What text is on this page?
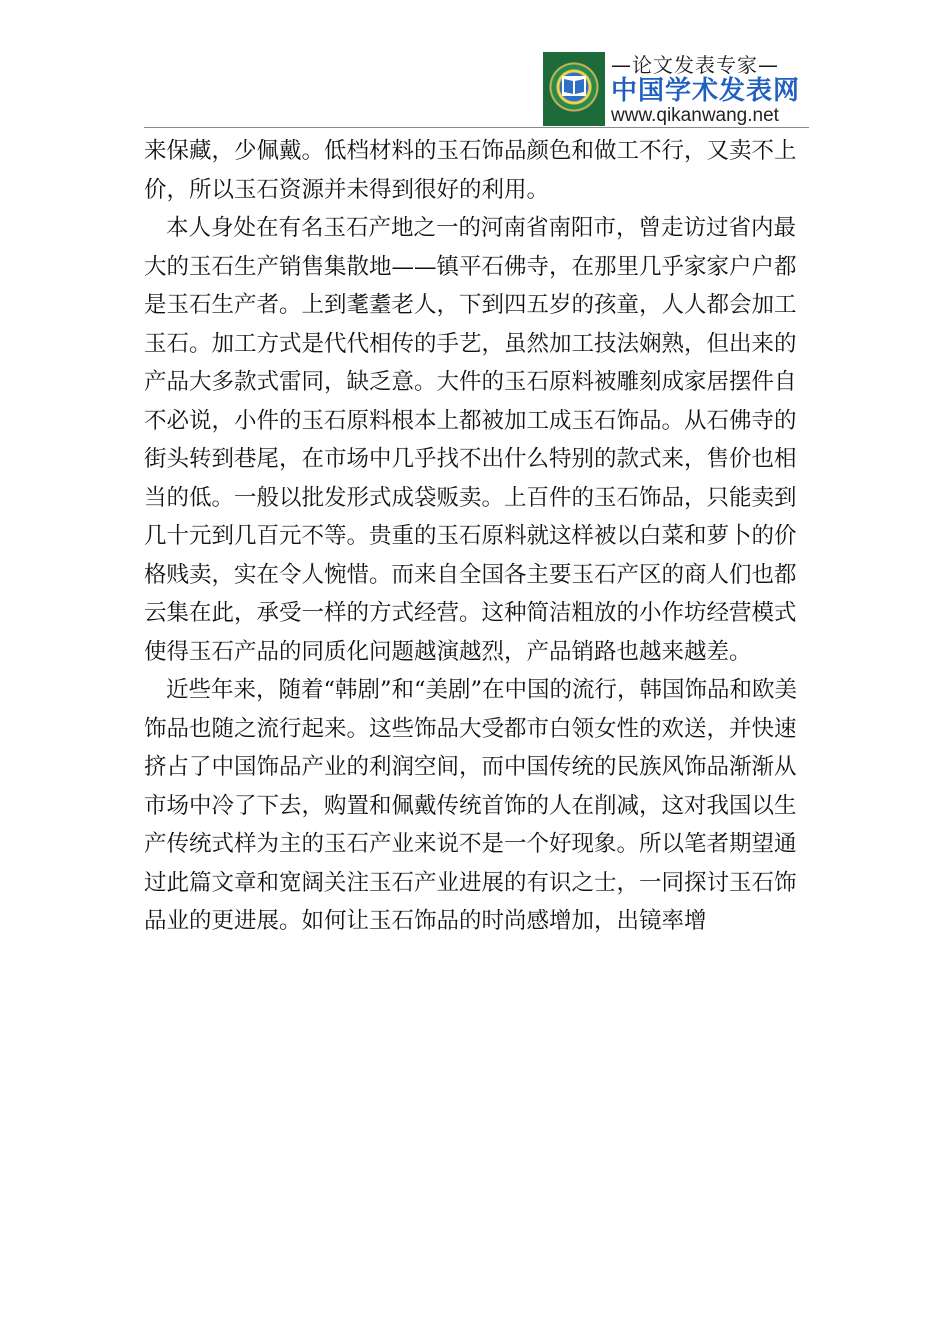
—论文发表专家—
中国学术发表网
www.qikanwang.net

来保藏，少佩戴。低档材料的玉石饰品颜色和做工不行，又卖不上价，所以玉石资源并未得到很好的利用。

本人身处在有名玉石产地之一的河南省南阳市，曾走访过省内最大的玉石生产销售集散地——镇平石佛寺，在那里几乎家家户户都是玉石生产者。上到耄耋老人，下到四五岁的孩童，人人都会加工玉石。加工方式是代代相传的手艺，虽然加工技法娴熟，但出来的产品大多款式雷同，缺乏意。大件的玉石原料被雕刻成家居摆件自不必说，小件的玉石原料根本上都被加工成玉石饰品。从石佛寺的街头转到巷尾，在市场中几乎找不出什么特别的款式来，售价也相当的低。一般以批发形式成袋贩卖。上百件的玉石饰品，只能卖到几十元到几百元不等。贵重的玉石原料就这样被以白菜和萝卜的价格贱卖，实在令人惋惜。而来自全国各主要玉石产区的商人们也都云集在此，承受一样的方式经营。这种简洁粗放的小作坊经营模式使得玉石产品的同质化问题越演越烈，产品销路也越来越差。

近些年来，随着“韩剧”和“美剧”在中国的流行，韩国饰品和欧美饰品也随之流行起来。这些饰品大受都市白领女性的欢送，并快速挤占了中国饰品产业的利润空间，而中国传统的民族风饰品渐渐从市场中冷了下去，购置和佩戴传统首饰的人在削减，这对我国以生产传统式样为主的玉石产业来说不是一个好现象。所以笔者期望通过此篇文章和宽阔关注玉石产业进展的有识之士，一同探讨玉石饰品业的更进展。如何让玉石饰品的时尚感增加，出镜率增
